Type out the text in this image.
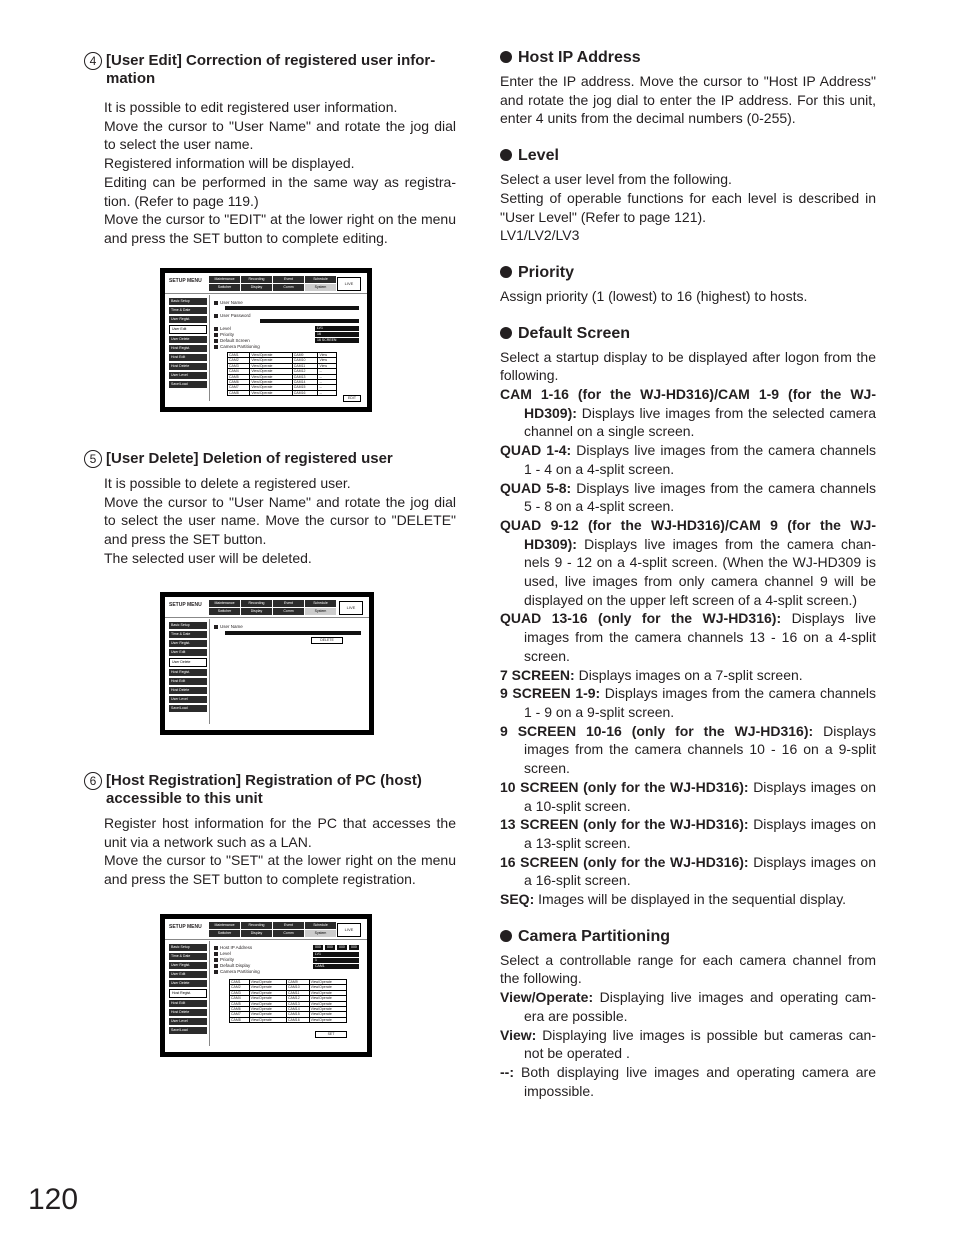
4 [User Edit] Correction of registered user infor- mation

It is possible to edit registered user information.

Move the cursor to "User Name" and rotate the jog dial to select the user name.

Registered information will be displayed.

Editing can be performed in the same way as registra- tion. (Refer to page 119.)

Move the cursor to "EDIT" at the lower right on the menu and press the SET button to complete editing.

5 [User Delete] Deletion of registered user

It is possible to delete a registered user.

Move the cursor to "User Name" and rotate the jog dial to select the user name. Move the cursor to "DELETE" and press the SET button.

The selected user will be deleted.

6 [Host Registration] Registration of PC (host) accessible to this unit

Register host information for the PC that accesses the unit via a network such as a LAN.

Move the cursor to "SET" at the lower right on the menu and press the SET button to complete registration.

SETUP MENU	Maintenance	Recording	Event	Schedule
Switcher	Display	Comm	System
LIVE
Basic Setup
Time & Date
User Regist.
User Edit
User Delete
Host Regist.
Host Edit
Host Delete
User Level
Save/Load
User Name
User Password
Level
Priority
Default Screen
Camera Partitioning
LV1
16
16 SCREEN
CAM1	View/Operate	CAM9	View
CAM2	View/Operate	CAM10	View
CAM3	View/Operate	CAM11	View
CAM4	View/Operate	CAM12	--
CAM5	View/Operate	CAM13	--
CAM6	View/Operate	CAM14	--
CAM7	View/Operate	CAM15	--
CAM8	View/Operate	CAM16	--
EDIT
SETUP MENU	Maintenance	Recording	Event	Schedule
Switcher	Display	Comm	System
LIVE
Basic Setup
Time & Date
User Regist.
User Edit
User Delete
Host Regist.
Host Edit
Host Delete
User Level
Save/Load
User Name
DELETE
SETUP MENU	Maintenance	Recording	Event	Schedule
Switcher	Display	Comm	System
LIVE
Basic Setup
Time & Date
User Regist.
User Edit
User Delete
Host Regist.
Host Edit
Host Delete
User Level
Save/Load
Host IP Address
Level
Priority
Default Display
Camera Partitioning
000	000	000	000
LV1
1
CAM1
CAM1	View/Operate	CAM9	View/Operate
CAM2	View/Operate	CAM10	View/Operate
CAM3	View/Operate	CAM11	View/Operate
CAM4	View/Operate	CAM12	View/Operate
CAM5	View/Operate	CAM13	View/Operate
CAM6	View/Operate	CAM14	View/Operate
CAM7	View/Operate	CAM15	View/Operate
CAM8	View/Operate	CAM16	View/Operate
SET
Host IP Address

Enter the IP address. Move the cursor to "Host IP Address" and rotate the jog dial to enter the IP address. For this unit, enter 4 units from the decimal numbers (0-255).

Level

Select a user level from the following.

Setting of operable functions for each level is described in "User Level" (Refer to page 121).

LV1/LV2/LV3

Priority

Assign priority (1 (lowest) to 16 (highest) to hosts.

Default Screen

Select a startup display to be displayed after logon from the following.

CAM 1-16 (for the WJ-HD316)/CAM 1-9 (for the WJ-HD309): Displays live images from the selected camera channel on a single screen.

QUAD 1-4: Displays live images from the camera channels 1 - 4 on a 4-split screen.

QUAD 5-8: Displays live images from the camera channels 5 - 8 on a 4-split screen.

QUAD 9-12 (for the WJ-HD316)/CAM 9 (for the WJ-HD309): Displays live images from the camera chan- nels 9 - 12 on a 4-split screen. (When the WJ-HD309 is used, live images from only camera channel 9 will be displayed on the upper left screen of a 4-split screen.)

QUAD 13-16 (only for the WJ-HD316): Displays live images from the camera channels 13 - 16 on a 4-split screen.

7 SCREEN: Displays images on a 7-split screen.

9 SCREEN 1-9: Displays images from the camera channels 1 - 9 on a 9-split screen.

9 SCREEN 10-16 (only for the WJ-HD316): Displays images from the camera channels 10 - 16 on a 9-split screen.

10 SCREEN (only for the WJ-HD316): Displays images on a 10-split screen.

13 SCREEN (only for the WJ-HD316): Displays images on a 13-split screen.

16 SCREEN (only for the WJ-HD316): Displays images on a 16-split screen.

SEQ: Images will be displayed in the sequential display.

Camera Partitioning

Select a controllable range for each camera channel from the following.

View/Operate: Displaying live images and operating cam- era are possible.

View: Displaying live images is possible but cameras can- not be operated .

--: Both displaying live images and operating camera are impossible.

120
